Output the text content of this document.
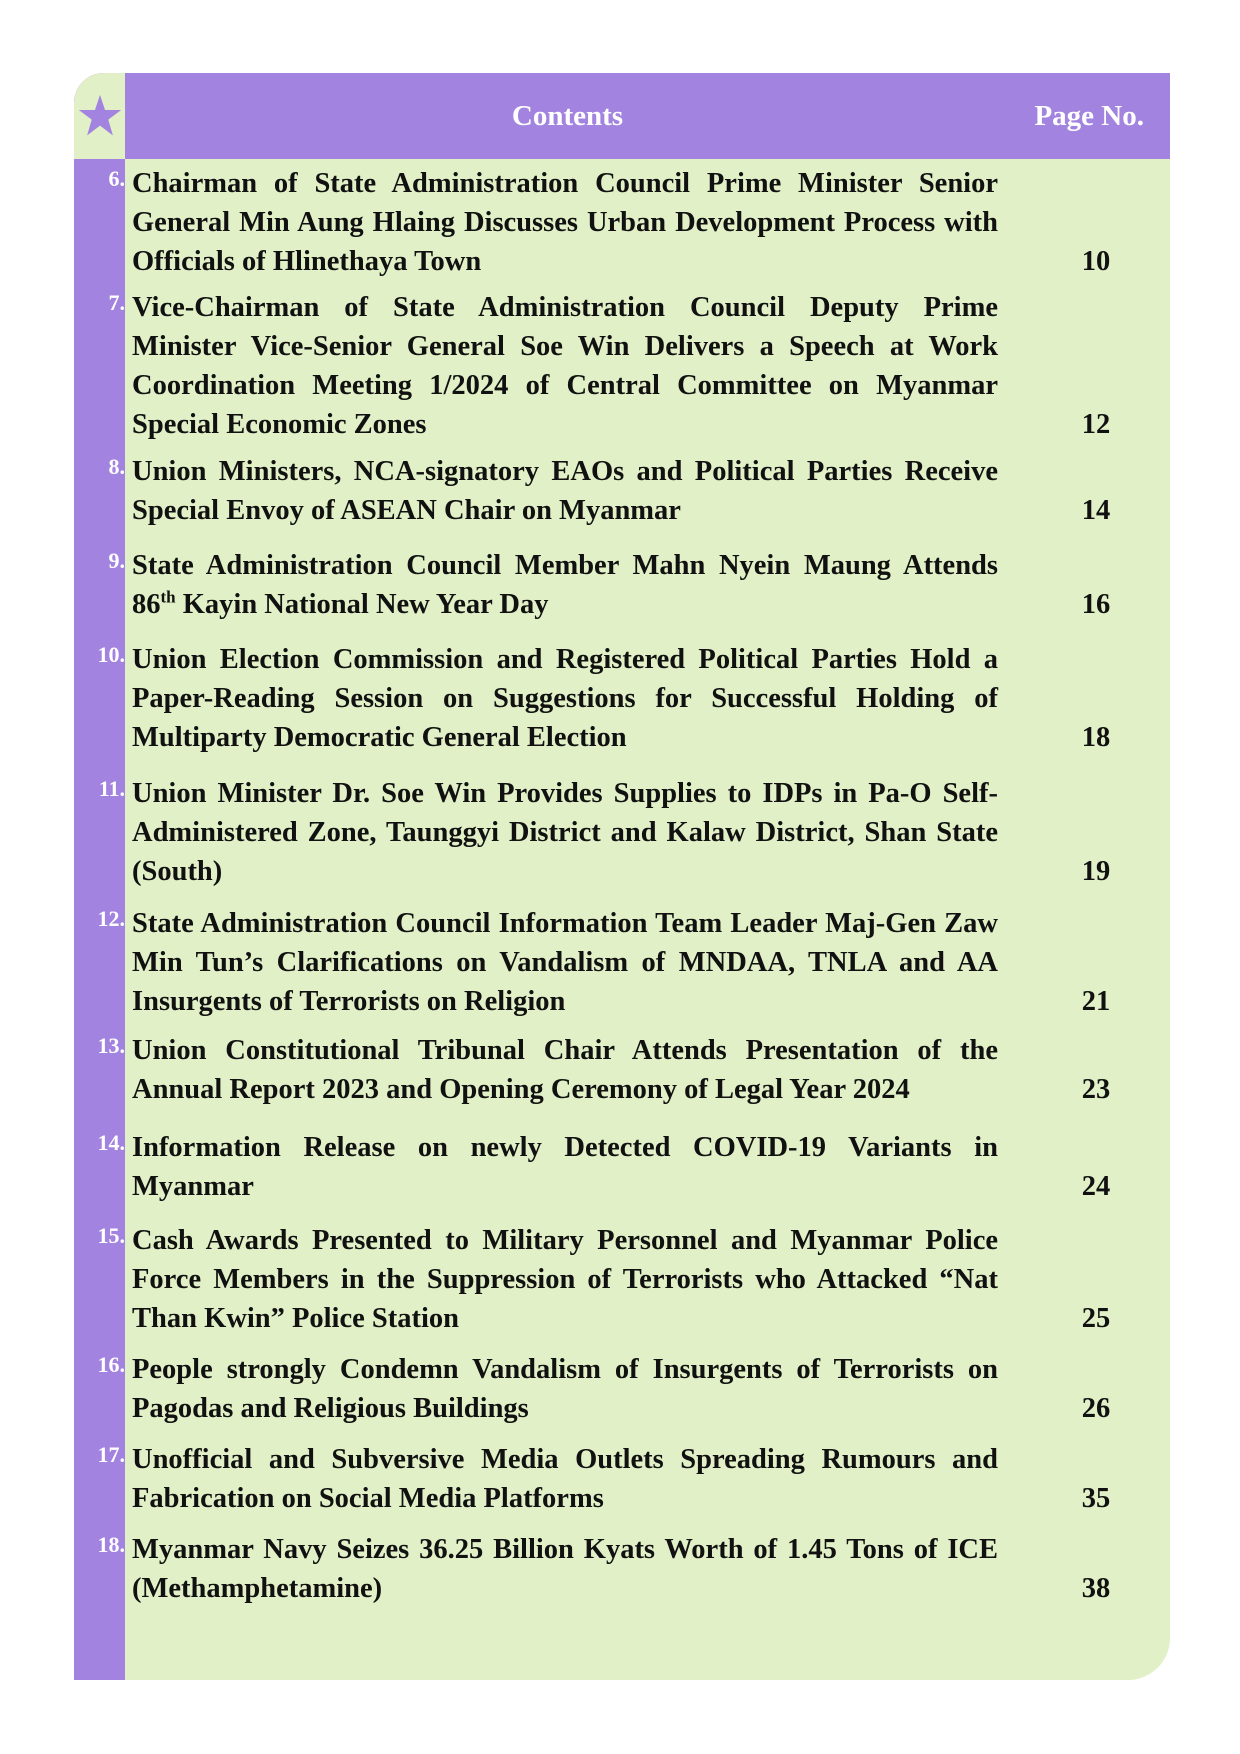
Contents	Page No.
6. Chairman of State Administration Council Prime Minister Senior General Min Aung Hlaing Discusses Urban Development Process with Officials of Hlinethaya Town	10
7. Vice-Chairman of State Administration Council Deputy Prime Minister Vice-Senior General Soe Win Delivers a Speech at Work Coordination Meeting 1/2024 of Central Committee on Myanmar Special Economic Zones	12
8. Union Ministers, NCA-signatory EAOs and Political Parties Receive Special Envoy of ASEAN Chair on Myanmar	14
9. State Administration Council Member Mahn Nyein Maung Attends 86th Kayin National New Year Day	16
10. Union Election Commission and Registered Political Parties Hold a Paper-Reading Session on Suggestions for Successful Holding of Multiparty Democratic General Election	18
11. Union Minister Dr. Soe Win Provides Supplies to IDPs in Pa-O Self-Administered Zone, Taunggyi District and Kalaw District, Shan State (South)	19
12. State Administration Council Information Team Leader Maj-Gen Zaw Min Tun’s Clarifications on Vandalism of MNDAA, TNLA and AA Insurgents of Terrorists on Religion	21
13. Union Constitutional Tribunal Chair Attends Presentation of the Annual Report 2023 and Opening Ceremony of Legal Year 2024	23
14. Information Release on newly Detected COVID-19 Variants in Myanmar	24
15. Cash Awards Presented to Military Personnel and Myanmar Police Force Members in the Suppression of Terrorists who Attacked “Nat Than Kwin” Police Station	25
16. People strongly Condemn Vandalism of Insurgents of Terrorists on Pagodas and Religious Buildings	26
17. Unofficial and Subversive Media Outlets Spreading Rumours and Fabrication on Social Media Platforms	35
18. Myanmar Navy Seizes 36.25 Billion Kyats Worth of 1.45 Tons of ICE (Methamphetamine)	38
